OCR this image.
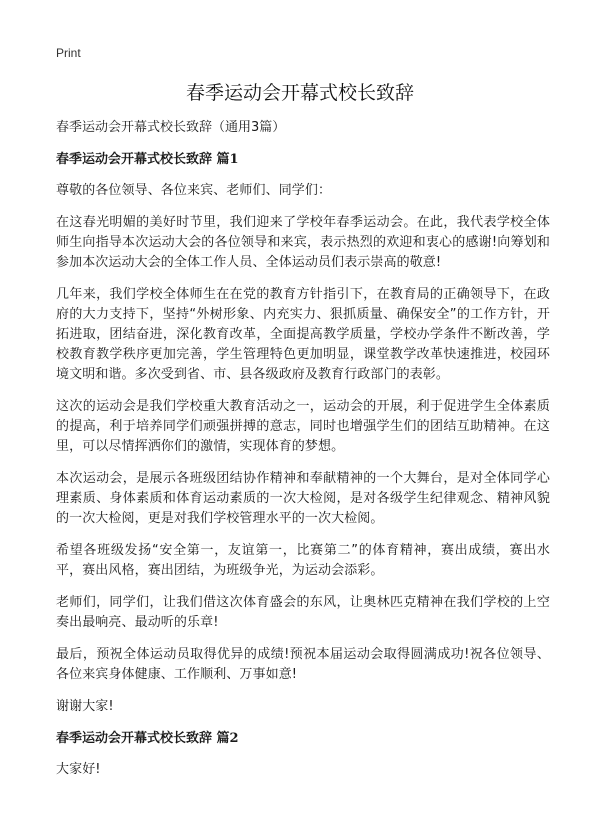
Print
春季运动会开幕式校长致辞

春季运动会开幕式校长致辞（通用3篇）

春季运动会开幕式校长致辞 篇1

尊敬的各位领导、各位来宾、老师们、同学们：

在这春光明媚的美好时节里，我们迎来了学校年春季运动会。在此，我代表学校全体师生向指导本次运动大会的各位领导和来宾，表示热烈的欢迎和衷心的感谢!向筹划和参加本次运动大会的全体工作人员、全体运动员们表示崇高的敬意!

几年来，我们学校全体师生在在党的教育方针指引下，在教育局的正确领导下，在政府的大力支持下，坚持“外树形象、内充实力、狠抓质量、确保安全”的工作方针，开拓进取，团结奋进，深化教育改革，全面提高教学质量，学校办学条件不断改善，学校教育教学秩序更加完善，学生管理特色更加明显，课堂教学改革快速推进，校园环境文明和谐。多次受到省、市、县各级政府及教育行政部门的表彰。

这次的运动会是我们学校重大教育活动之一，运动会的开展，利于促进学生全体素质的提高，利于培养同学们顽强拼搏的意志，同时也增强学生们的团结互助精神。在这里，可以尽情挥洒你们的激情，实现体育的梦想。

本次运动会，是展示各班级团结协作精神和奉献精神的一个大舞台，是对全体同学心理素质、身体素质和体育运动素质的一次大检阅，是对各级学生纪律观念、精神风貌的一次大检阅，更是对我们学校管理水平的一次大检阅。

希望各班级发扬“安全第一，友谊第一，比赛第二”的体育精神，赛出成绩，赛出水平，赛出风格，赛出团结，为班级争光，为运动会添彩。

老师们，同学们，让我们借这次体育盛会的东风，让奥林匹克精神在我们学校的上空奏出最响亮、最动听的乐章!

最后，预祝全体运动员取得优异的成绩!预祝本届运动会取得圆满成功!祝各位领导、各位来宾身体健康、工作顺利、万事如意!

谢谢大家!

春季运动会开幕式校长致辞 篇2

大家好!
